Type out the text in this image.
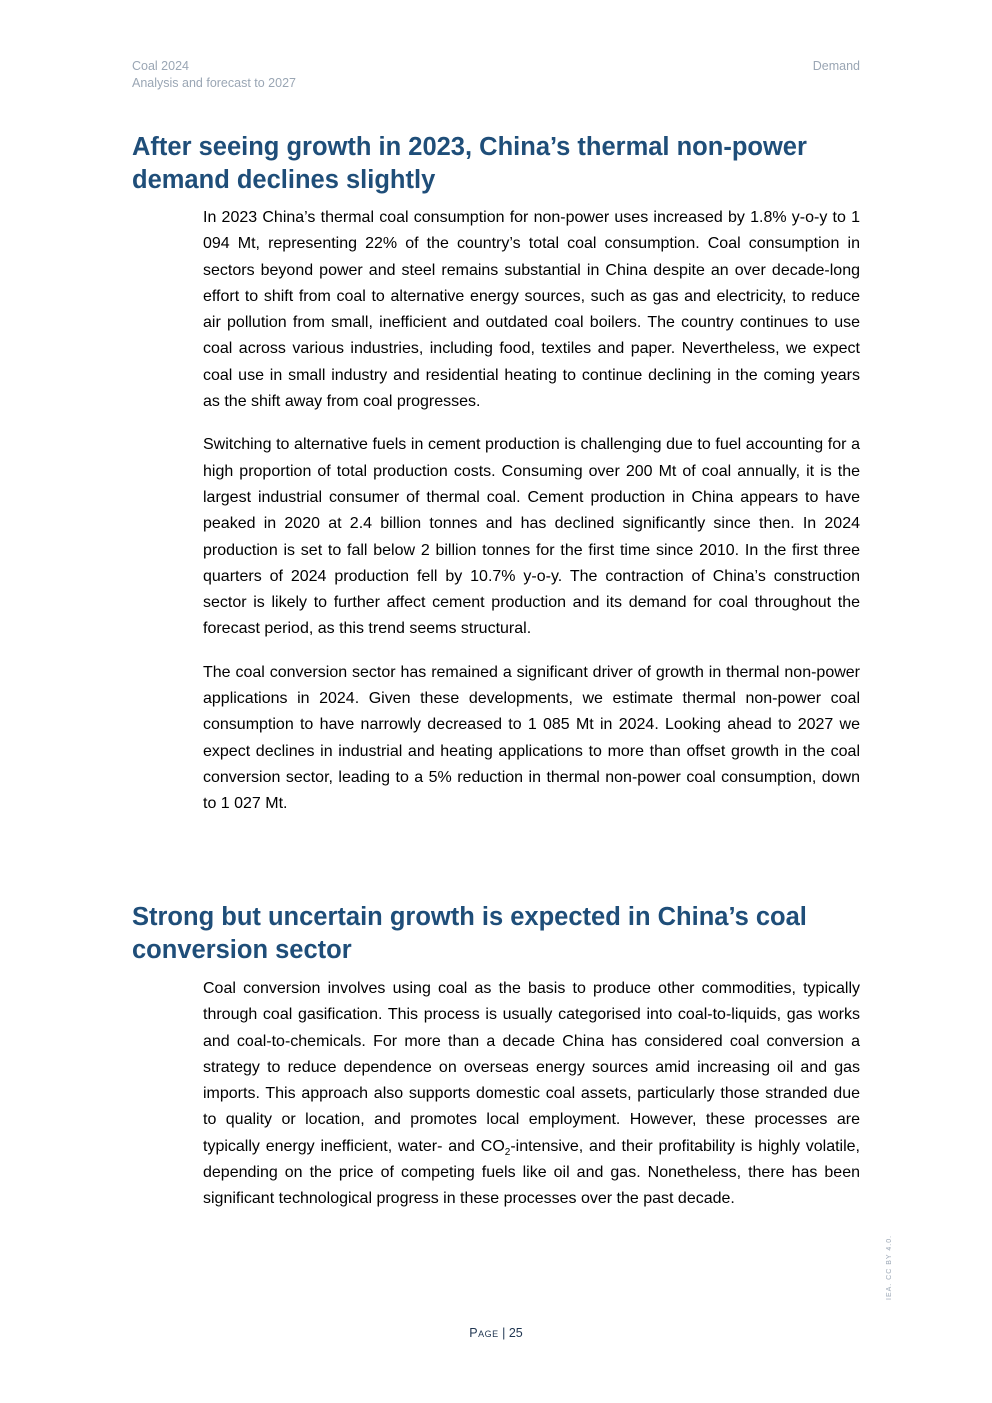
Coal 2024
Analysis and forecast to 2027
Demand
After seeing growth in 2023, China’s thermal non-power demand declines slightly

In 2023 China’s thermal coal consumption for non-power uses increased by 1.8% y-o-y to 1 094 Mt, representing 22% of the country’s total coal consumption. Coal consumption in sectors beyond power and steel remains substantial in China despite an over decade-long effort to shift from coal to alternative energy sources, such as gas and electricity, to reduce air pollution from small, inefficient and outdated coal boilers. The country continues to use coal across various industries, including food, textiles and paper. Nevertheless, we expect coal use in small industry and residential heating to continue declining in the coming years as the shift away from coal progresses.

Switching to alternative fuels in cement production is challenging due to fuel accounting for a high proportion of total production costs. Consuming over 200 Mt of coal annually, it is the largest industrial consumer of thermal coal. Cement production in China appears to have peaked in 2020 at 2.4 billion tonnes and has declined significantly since then. In 2024 production is set to fall below 2 billion tonnes for the first time since 2010. In the first three quarters of 2024 production fell by 10.7% y-o-y. The contraction of China’s construction sector is likely to further affect cement production and its demand for coal throughout the forecast period, as this trend seems structural.

The coal conversion sector has remained a significant driver of growth in thermal non-power applications in 2024. Given these developments, we estimate thermal non-power coal consumption to have narrowly decreased to 1 085 Mt in 2024. Looking ahead to 2027 we expect declines in industrial and heating applications to more than offset growth in the coal conversion sector, leading to a 5% reduction in thermal non-power coal consumption, down to 1 027 Mt.

Strong but uncertain growth is expected in China’s coal conversion sector

Coal conversion involves using coal as the basis to produce other commodities, typically through coal gasification. This process is usually categorised into coal-to-liquids, gas works and coal-to-chemicals. For more than a decade China has considered coal conversion a strategy to reduce dependence on overseas energy sources amid increasing oil and gas imports. This approach also supports domestic coal assets, particularly those stranded due to quality or location, and promotes local employment. However, these processes are typically energy inefficient, water- and $CO_2$-intensive, and their profitability is highly volatile, depending on the price of competing fuels like oil and gas. Nonetheless, there has been significant technological progress in these processes over the past decade.

Page | 25
IEA. CC BY 4.0.
